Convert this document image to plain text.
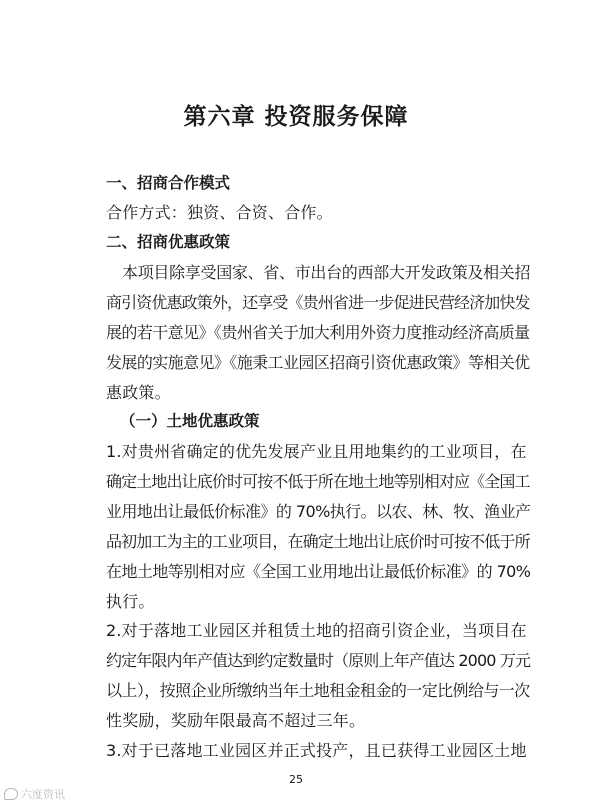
第六章 投资服务保障
一、招商合作模式
合作方式：独资、合资、合作。
二、招商优惠政策
本项目除享受国家、省、市出台的西部大开发政策及相关招
商引资优惠政策外，还享受《贵州省进一步促进民营经济加快发
展的若干意见》《贵州省关于加大利用外资力度推动经济高质量
发展的实施意见》《施秉工业园区招商引资优惠政策》等相关优
惠政策。
（一）土地优惠政策
1.对贵州省确定的优先发展产业且用地集约的工业项目，在
确定土地出让底价时可按不低于所在地土地等别相对应《全国工
业用地出让最低价标准》的 70%执行。以农、林、牧、渔业产
品初加工为主的工业项目，在确定土地出让底价时可按不低于所
在地土地等别相对应《全国工业用地出让最低价标准》的 70%
执行。
2.对于落地工业园区并租赁土地的招商引资企业，当项目在
约定年限内年产值达到约定数量时（原则上年产值达 2000 万元
以上），按照企业所缴纳当年土地租金租金的一定比例给与一次
性奖励，奖励年限最高不超过三年。
3.对于已落地工业园区并正式投产，且已获得工业园区土地
25
六度资讯
